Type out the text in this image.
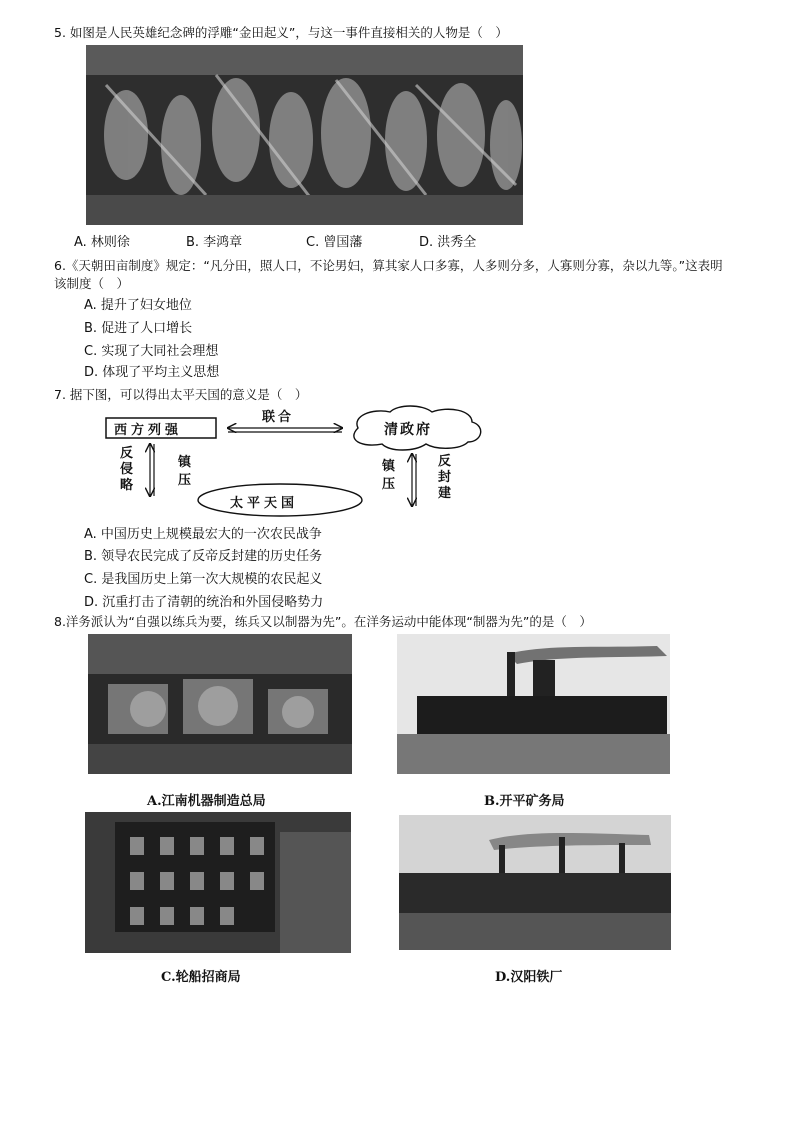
5. 如图是人民英雄纪念碑的浮雕“金田起义”，与这一事件直接相关的人物是（　）
A. 林则徐	B. 李鸿章	C. 曾国藩	D. 洪秀全
6.《天朝田亩制度》规定：“凡分田，照人口，不论男妇，算其家人口多寡，人多则分多，人寡则分寡，杂以九等。”这表明
该制度（　）
A. 提升了妇女地位
B. 促进了人口增长
C. 实现了大同社会理想
D. 体现了平均主义思想
7. 据下图，可以得出太平天国的意义是（　）
西方列强
联合
清政府
太平天国
反
侵
略
镇
压
镇
压
反
封
建
A. 中国历史上规模最宏大的一次农民战争
B. 领导农民完成了反帝反封建的历史任务
C. 是我国历史上第一次大规模的农民起义
D. 沉重打击了清朝的统治和外国侵略势力
8.洋务派认为“自强以练兵为要，练兵又以制器为先”。在洋务运动中能体现“制器为先”的是（　）
A.江南机器制造总局	B.开平矿务局
C.轮船招商局	D.汉阳铁厂
